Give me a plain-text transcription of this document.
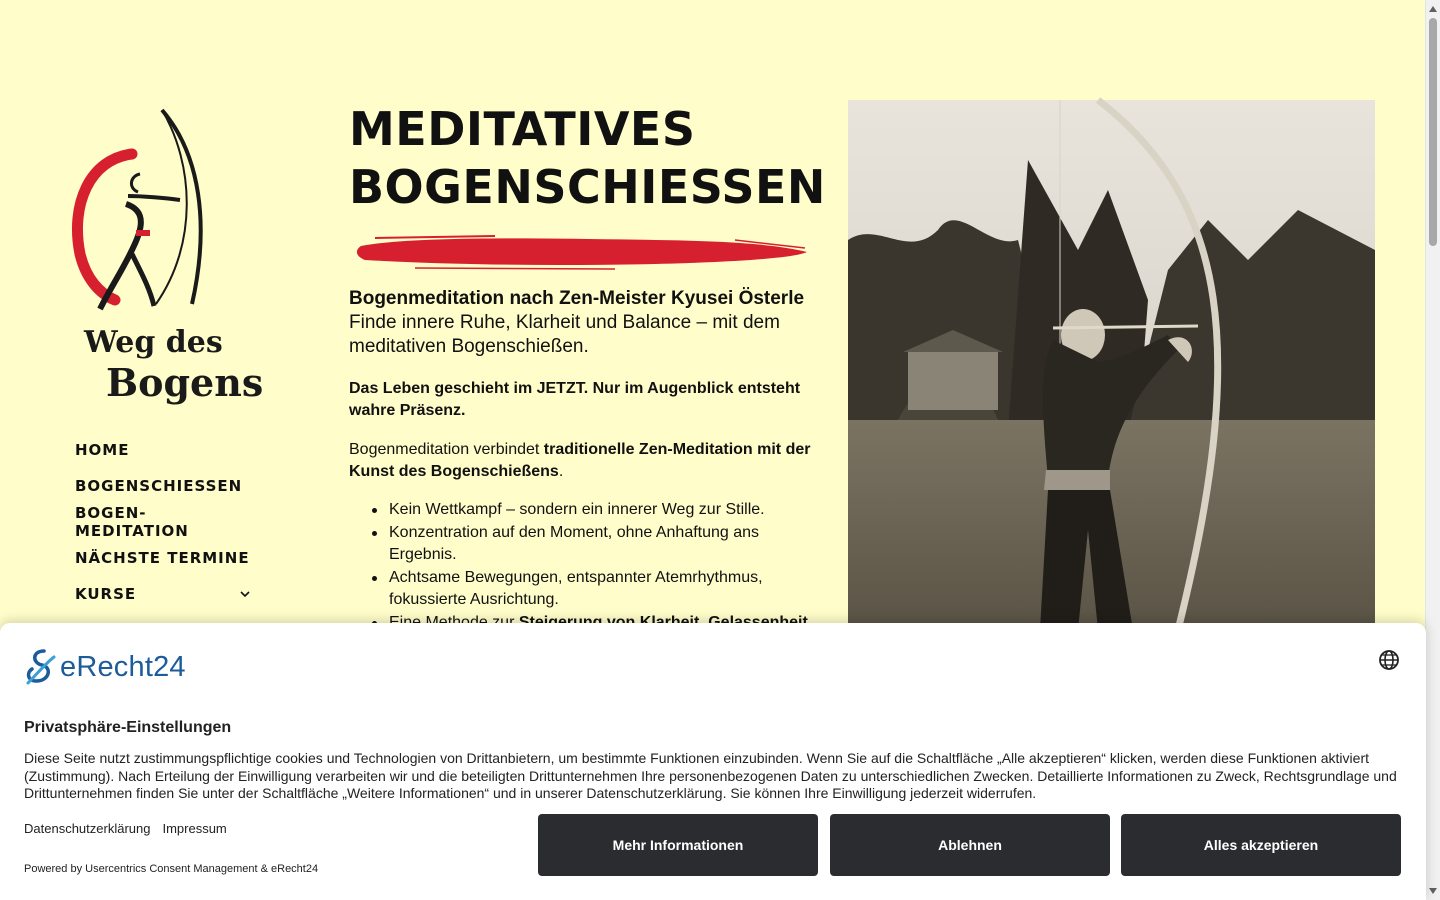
Weg des
Bogens
HOME
BOGENSCHIESSEN
BOGEN-MEDITATION
NÄCHSTE TERMINE
KURSE
MEDITATIVES
BOGENSCHIESSEN
Bogenmeditation nach Zen-Meister Kyusei Österle
Finde innere Ruhe, Klarheit und Balance – mit dem meditativen Bogenschießen.

Das Leben geschieht im JETZT. Nur im Augenblick entsteht wahre Präsenz.

Bogenmeditation verbindet traditionelle Zen-Meditation mit der Kunst des Bogenschießens.

Kein Wettkampf – sondern ein innerer Weg zur Stille.
Konzentration auf den Moment, ohne Anhaftung ans Ergebnis.
Achtsame Bewegungen, entspannter Atemrhythmus, fokussierte Ausrichtung.
eRecht24
Privatsphäre-Einstellungen

Diese Seite nutzt zustimmungspflichtige cookies und Technologien von Drittanbietern, um bestimmte Funktionen einzubinden. Wenn Sie auf die Schaltfläche „Alle akzeptieren“ klicken, werden diese Funktionen aktiviert (Zustimmung). Nach Erteilung der Einwilligung verarbeiten wir und die beteiligten Drittunternehmen Ihre personenbezogenen Daten zu unterschiedlichen Zwecken. Detaillierte Informationen zu Zweck, Rechtsgrundlage und Drittunternehmen finden Sie unter der Schaltfläche „Weitere Informationen“ und in unserer Datenschutzerklärung. Sie können Ihre Einwilligung jederzeit widerrufen.

Datenschutzerklärung Impressum
Powered by Usercentrics Consent Management & eRecht24
Mehr Informationen	Ablehnen	Alles akzeptieren
